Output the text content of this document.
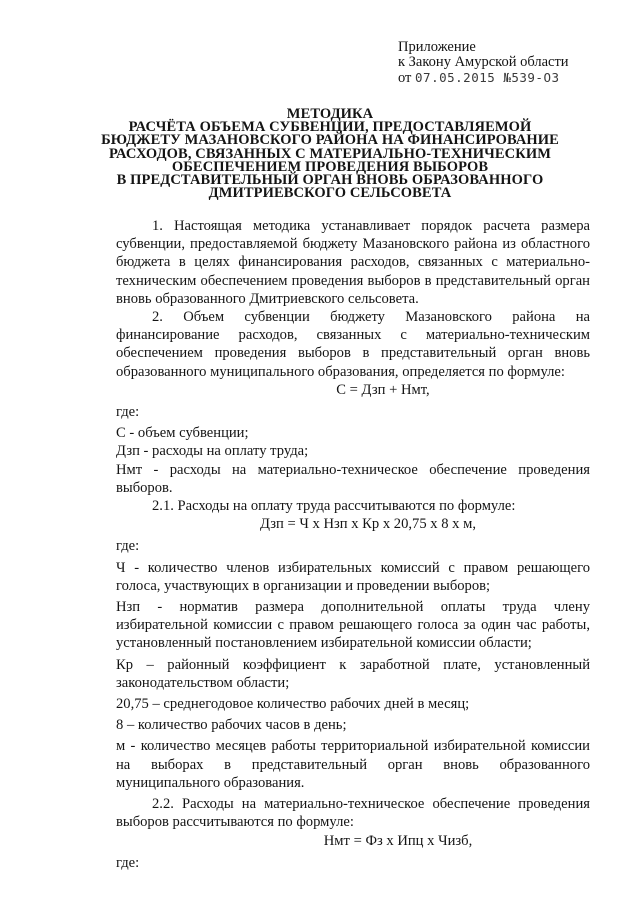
Приложение
к Закону Амурской области
от 07.05.2015 №539-ОЗ
МЕТОДИКА
РАСЧЁТА ОБЪЕМА СУБВЕНЦИИ, ПРЕДОСТАВЛЯЕМОЙ
БЮДЖЕТУ МАЗАНОВСКОГО РАЙОНА НА ФИНАНСИРОВАНИЕ
РАСХОДОВ, СВЯЗАННЫХ С МАТЕРИАЛЬНО-ТЕХНИЧЕСКИМ
ОБЕСПЕЧЕНИЕМ ПРОВЕДЕНИЯ ВЫБОРОВ
В ПРЕДСТАВИТЕЛЬНЫЙ ОРГАН ВНОВЬ ОБРАЗОВАННОГО
ДМИТРИЕВСКОГО СЕЛЬСОВЕТА

1. Настоящая методика устанавливает порядок расчета размера субвенции, предоставляемой бюджету Мазановского района из областного бюджета в целях финансирования расходов, связанных с материально-техническим обеспечением проведения выборов в представительный орган вновь образованного Дмитриевского сельсовета.

2. Объем субвенции бюджету Мазановского района на финансирование расходов, связанных с материально-техническим обеспечением проведения выборов в представительный орган вновь образованного муниципального образования, определяется по формуле:

С = Дзп + Нмт,

где:

С - объем субвенции;

Дзп - расходы на оплату труда;

Нмт - расходы на материально-техническое обеспечение проведения выборов.

2.1. Расходы на оплату труда рассчитываются по формуле:

Дзп = Ч х Нзп х Кр х 20,75 х 8 х м,

где:

Ч - количество членов избирательных комиссий с правом решающего голоса, участвующих в организации и проведении выборов;

Нзп - норматив размера дополнительной оплаты труда члену избирательной комиссии с правом решающего голоса за один час работы, установленный постановлением избирательной комиссии области;

Кр – районный коэффициент к заработной плате, установленный законодательством области;

20,75 – среднегодовое количество рабочих дней в месяц;

8 – количество рабочих часов в день;

м - количество месяцев работы территориальной избирательной комиссии на выборах в представительный орган вновь образованного муниципального образования.

2.2. Расходы на материально-техническое обеспечение проведения выборов рассчитываются по формуле:

Нмт = Фз х Ипц х Чизб,

где:
